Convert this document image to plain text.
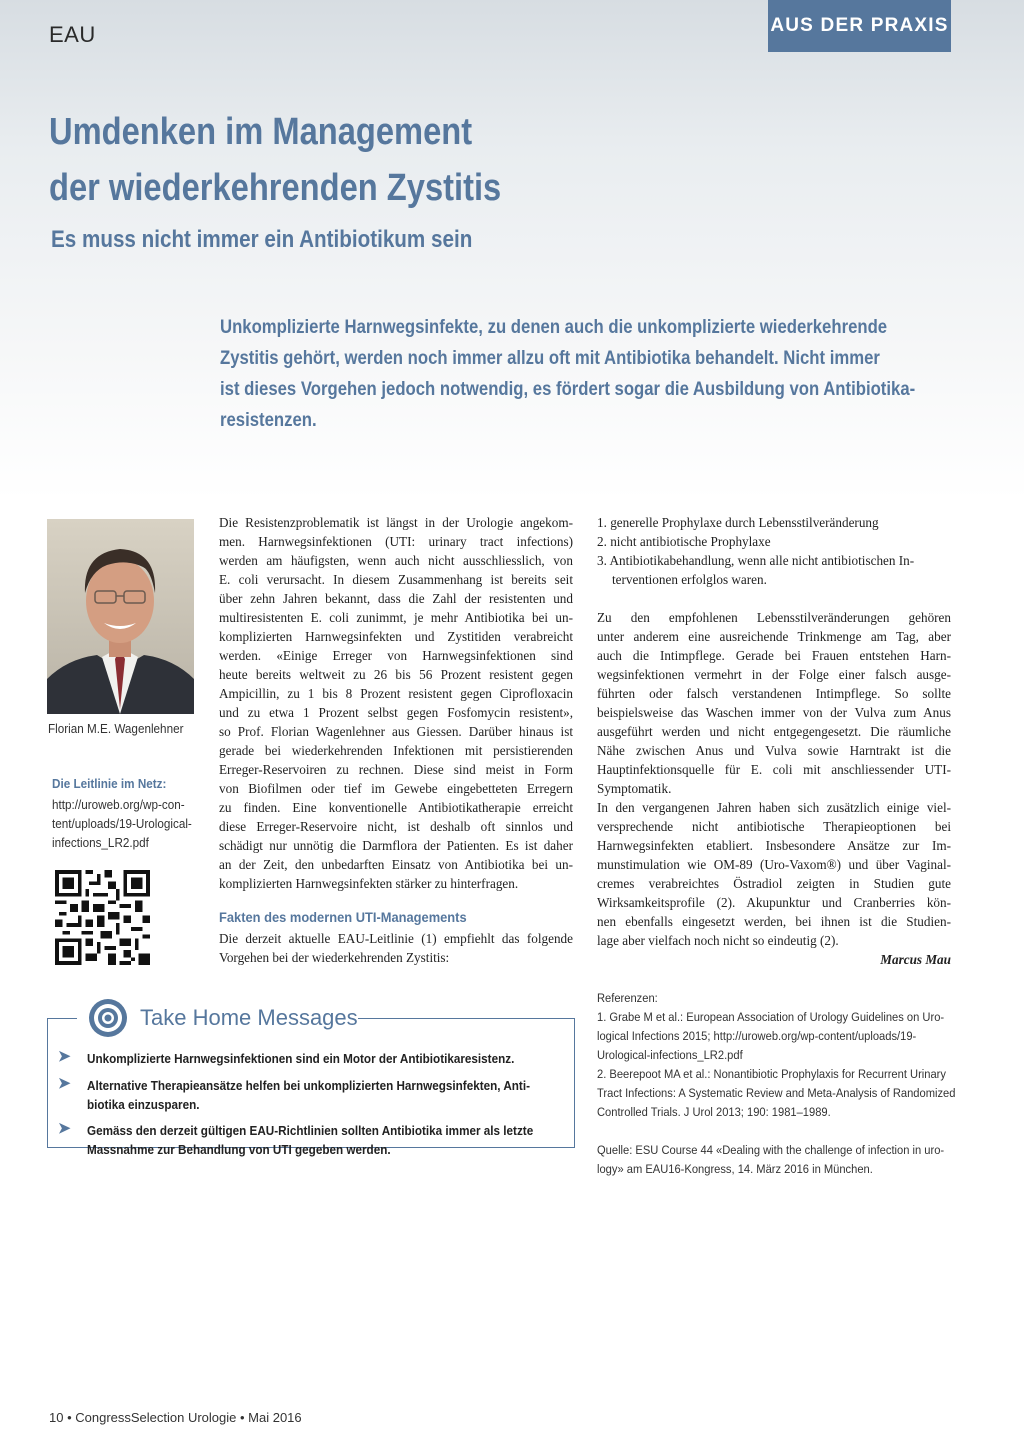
EAU	AUS DER PRAXIS
Umdenken im Management
der wiederkehrenden Zystitis
Es muss nicht immer ein Antibiotikum sein
Unkomplizierte Harnwegsinfekte, zu denen auch die unkomplizierte wiederkehrende
Zystitis gehört, werden noch immer allzu oft mit Antibiotika behandelt. Nicht immer
ist dieses Vorgehen jedoch notwendig, es fördert sogar die Ausbildung von Antibiotika-
resistenzen.
Florian M.E. Wagenlehner
Die Leitlinie im Netz:
http://uroweb.org/wp-con-
tent/uploads/19-Urological-
infections_LR2.pdf
Die Resistenzproblematik ist längst in der Urologie angekom-
men. Harnwegsinfektionen (UTI: urinary tract infections)
werden am häufigsten, wenn auch nicht ausschliesslich, von
E. coli verursacht. In diesem Zusammenhang ist bereits seit
über zehn Jahren bekannt, dass die Zahl der resistenten und
multiresistenten E. coli zunimmt, je mehr Antibiotika bei un-
komplizierten Harnwegsinfekten und Zystitiden verabreicht
werden. «Einige Erreger von Harnwegsinfektionen sind
heute bereits weltweit zu 26 bis 56 Prozent resistent gegen
Ampicillin, zu 1 bis 8 Prozent resistent gegen Ciprofloxacin
und zu etwa 1 Prozent selbst gegen Fosfomycin resistent»,
so Prof. Florian Wagenlehner aus Giessen. Darüber hinaus ist
gerade bei wiederkehrenden Infektionen mit persistierenden
Erreger-Reservoiren zu rechnen. Diese sind meist in Form
von Biofilmen oder tief im Gewebe eingebetteten Erregern
zu finden. Eine konventionelle Antibiotikatherapie erreicht
diese Erreger-Reservoire nicht, ist deshalb oft sinnlos und
schädigt nur unnötig die Darmflora der Patienten. Es ist daher
an der Zeit, den unbedarften Einsatz von Antibiotika bei un-
komplizierten Harnwegsinfekten stärker zu hinterfragen.
Fakten des modernen UTI-Managements
Die derzeit aktuelle EAU-Leitlinie (1) empfiehlt das folgende
Vorgehen bei der wiederkehrenden Zystitis:
1. generelle Prophylaxe durch Lebensstilveränderung
2. nicht antibiotische Prophylaxe
3. Antibiotikabehandlung, wenn alle nicht antibiotischen In-
terventionen erfolglos waren.
Zu den empfohlenen Lebensstilveränderungen gehören
unter anderem eine ausreichende Trinkmenge am Tag, aber
auch die Intimpflege. Gerade bei Frauen entstehen Harn-
wegsinfektionen vermehrt in der Folge einer falsch ausge-
führten oder falsch verstandenen Intimpflege. So sollte
beispielsweise das Waschen immer von der Vulva zum Anus
ausgeführt werden und nicht entgegengesetzt. Die räumliche
Nähe zwischen Anus und Vulva sowie Harntrakt ist die
Hauptinfektionsquelle für E. coli mit anschliessender UTI-
Symptomatik.
In den vergangenen Jahren haben sich zusätzlich einige viel-
versprechende nicht antibiotische Therapieoptionen bei
Harnwegsinfekten etabliert. Insbesondere Ansätze zur Im-
munstimulation wie OM-89 (Uro-Vaxom®) und über Vaginal-
cremes verabreichtes Östradiol zeigten in Studien gute
Wirksamkeitsprofile (2). Akupunktur und Cranberries kön-
nen ebenfalls eingesetzt werden, bei ihnen ist die Studien-
lage aber vielfach noch nicht so eindeutig (2).
Marcus Mau
Referenzen:
1. Grabe M et al.: European Association of Urology Guidelines on Uro-
logical Infections 2015; http://uroweb.org/wp-content/uploads/19-
Urological-infections_LR2.pdf
2. Beerepoot MA et al.: Nonantibiotic Prophylaxis for Recurrent Urinary
Tract Infections: A Systematic Review and Meta-Analysis of Randomized
Controlled Trials. J Urol 2013; 190: 1981–1989.
Quelle: ESU Course 44 «Dealing with the challenge of infection in uro-
logy» am EAU16-Kongress, 14. März 2016 in München.
Take Home Messages
➤ Unkomplizierte Harnwegsinfektionen sind ein Motor der Antibiotikaresistenz.
➤ Alternative Therapieansätze helfen bei unkomplizierten Harnwegsinfekten, Anti-
biotika einzusparen.
➤ Gemäss den derzeit gültigen EAU-Richtlinien sollten Antibiotika immer als letzte
Massnahme zur Behandlung von UTI gegeben werden.
10 • CongressSelection Urologie • Mai 2016
